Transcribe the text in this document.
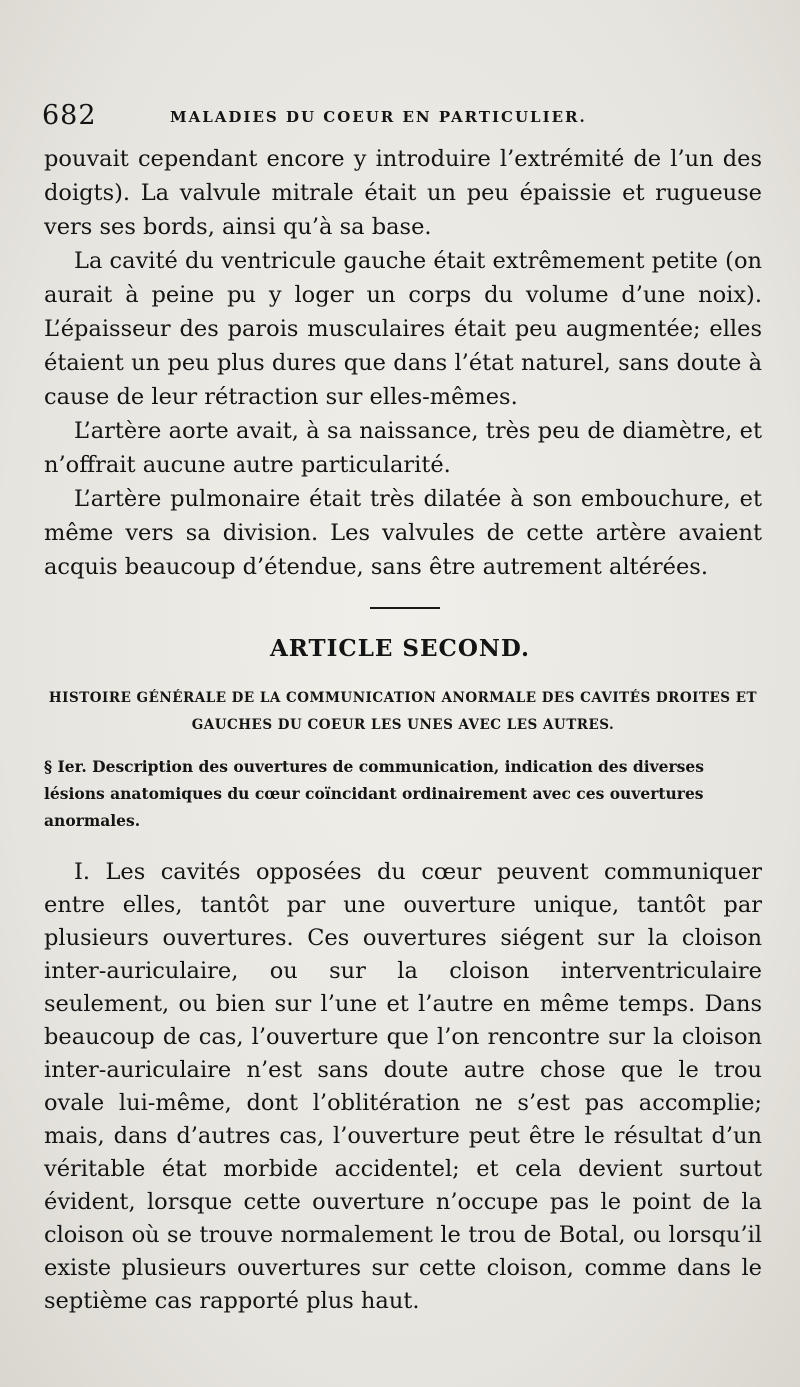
682	MALADIES DU COEUR EN PARTICULIER.

pouvait cependant encore y introduire l’extrémité de l’un des doigts). La valvule mitrale était un peu épaissie et rugueuse vers ses bords, ainsi qu’à sa base.

La cavité du ventricule gauche était extrêmement petite (on aurait à peine pu y loger un corps du volume d’une noix). L’épaisseur des parois musculaires était peu augmentée; elles étaient un peu plus dures que dans l’état naturel, sans doute à cause de leur rétraction sur elles-mêmes.

L’artère aorte avait, à sa naissance, très peu de diamètre, et n’offrait aucune autre particularité.

L’artère pulmonaire était très dilatée à son embouchure, et même vers sa division. Les valvules de cette artère avaient acquis beaucoup d’étendue, sans être autrement altérées.

ARTICLE SECOND.

HISTOIRE GÉNÉRALE DE LA COMMUNICATION ANORMALE DES CAVITÉS DROITES ET GAUCHES DU COEUR LES UNES AVEC LES AUTRES.

§ Ier. Description des ouvertures de communication, indication des diverses lésions anatomiques du cœur coïncidant ordinairement avec ces ouvertures anormales.

I. Les cavités opposées du cœur peuvent communiquer entre elles, tantôt par une ouverture unique, tantôt par plusieurs ouvertures. Ces ouvertures siégent sur la cloison inter-auriculaire, ou sur la cloison interventriculaire seulement, ou bien sur l’une et l’autre en même temps. Dans beaucoup de cas, l’ouverture que l’on rencontre sur la cloison inter-auriculaire n’est sans doute autre chose que le trou ovale lui-même, dont l’oblitération ne s’est pas accomplie; mais, dans d’autres cas, l’ouverture peut être le résultat d’un véritable état morbide accidentel; et cela devient surtout évident, lorsque cette ouverture n’occupe pas le point de la cloison où se trouve normalement le trou de Botal, ou lorsqu’il existe plusieurs ouvertures sur cette cloison, comme dans le septième cas rapporté plus haut.
